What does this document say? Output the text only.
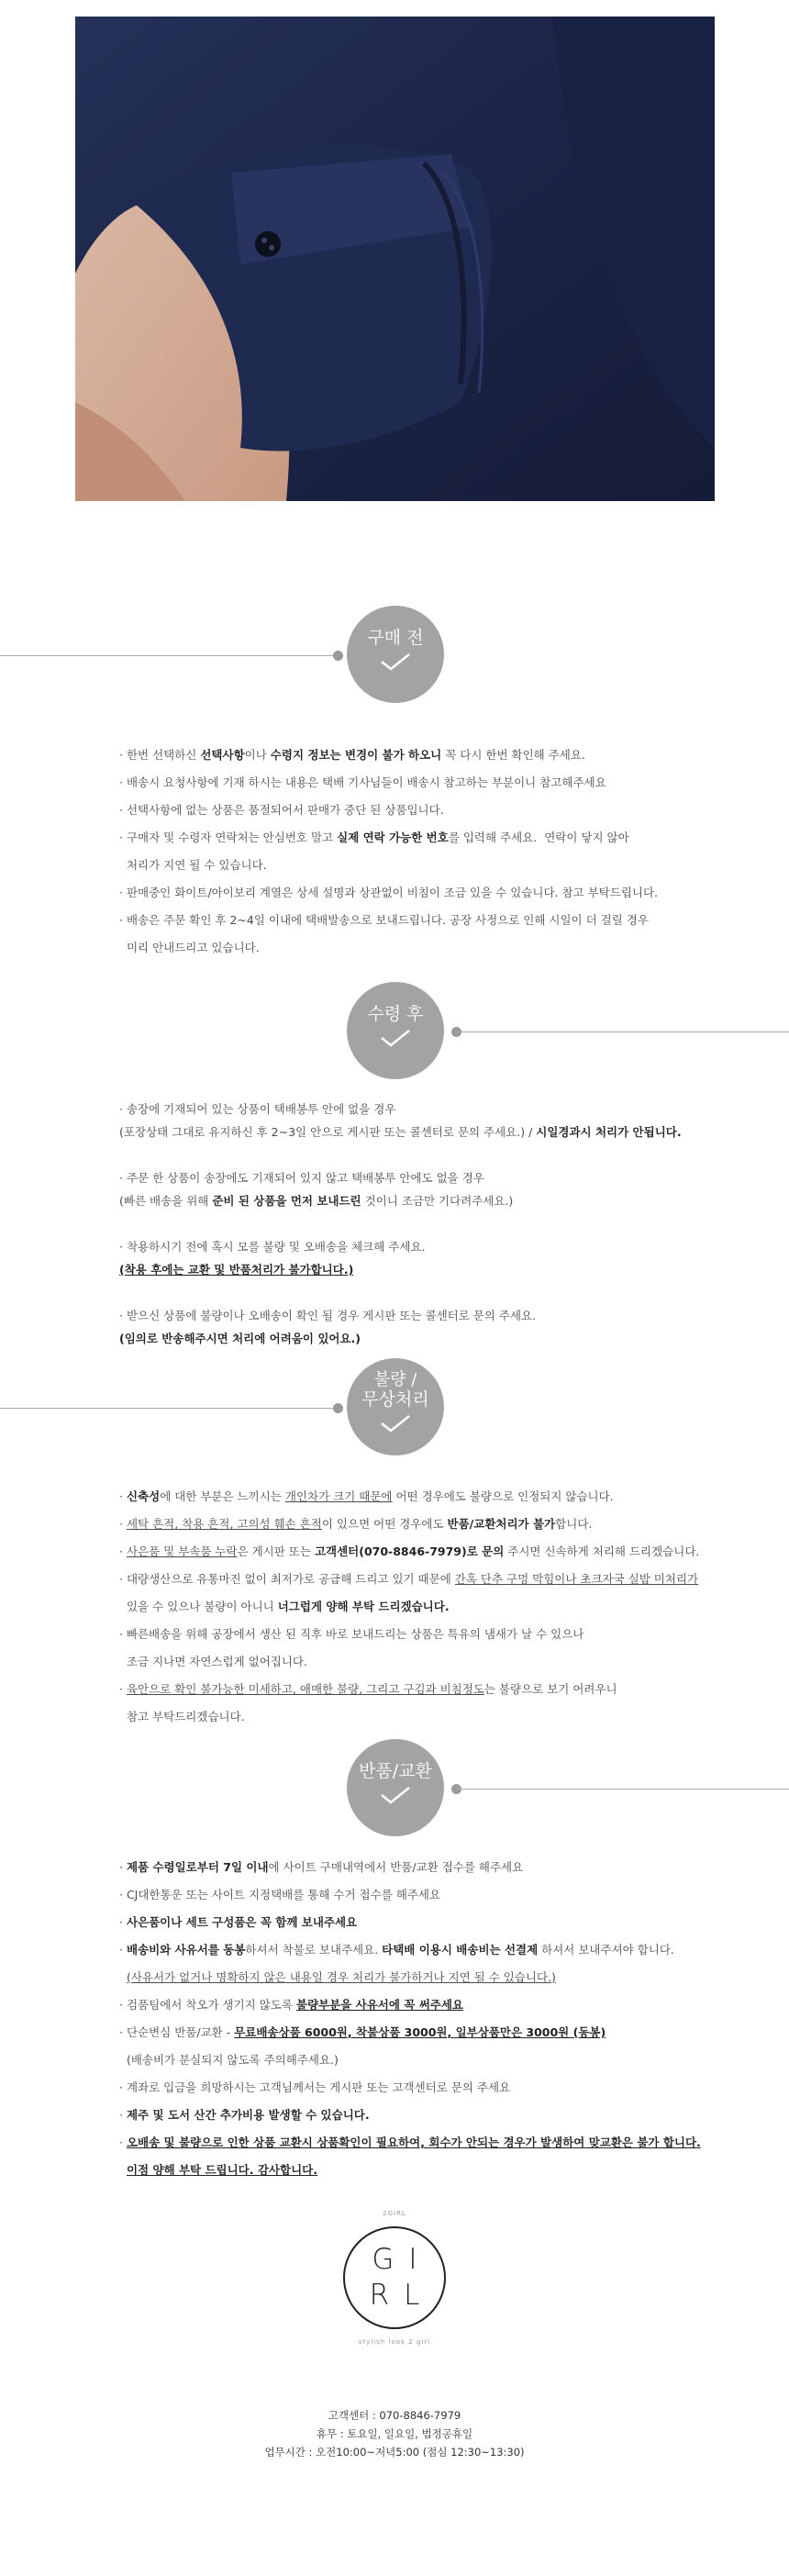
구매 전

· 한번 선택하신 선택사항이나 수령지 정보는 변경이 불가 하오니 꼭 다시 한번 확인해 주세요.

· 배송시 요청사항에 기재 하시는 내용은 택배 기사님들이 배송시 참고하는 부분이니 참고해주세요

· 선택사항에 없는 상품은 품절되어서 판매가 중단 된 상품입니다.

· 구매자 및 수령자 연락처는 안심번호 말고 실제 연락 가능한 번호를 입력해 주세요.  연락이 닿지 않아

처리가 지연 될 수 있습니다.

· 판매중인 화이트/아이보리 계열은 상세 설명과 상관없이 비침이 조금 있을 수 있습니다. 참고 부탁드립니다.

· 배송은 주문 확인 후 2~4일 이내에 택배발송으로 보내드립니다. 공장 사정으로 인해 시일이 더 걸릴 경우

미리 안내드리고 있습니다.

수령 후

· 송장에 기재되어 있는 상품이 택배봉투 안에 없을 경우

(포장상태 그대로 유지하신 후 2~3일 안으로 게시판 또는 콜센터로 문의 주세요.) / 시일경과시 처리가 안됩니다.

· 주문 한 상품이 송장에도 기재되어 있지 않고 택배봉투 안에도 없을 경우

(빠른 배송을 위해 준비 된 상품을 먼저 보내드린 것이니 조금만 기다려주세요.)

· 착용하시기 전에 혹시 모를 불량 및 오배송을 체크해 주세요.

(착용 후에는 교환 및 반품처리가 불가합니다.)

· 받으신 상품에 불량이나 오배송이 확인 될 경우 게시판 또는 콜센터로 문의 주세요.

(임의로 반송해주시면 처리에 어려움이 있어요.)

불량 /
무상처리

· 신축성에 대한 부분은 느끼시는 개인차가 크기 때문에 어떤 경우에도 불량으로 인정되지 않습니다.

· 세탁 흔적, 착용 흔적, 고의성 훼손 흔적이 있으면 어떤 경우에도 반품/교환처리가 불가합니다.

· 사은품 및 부속품 누락은 게시판 또는 고객센터(070-8846-7979)로 문의 주시면 신속하게 처리해 드리겠습니다.

· 대량생산으로 유통마진 없이 최저가로 공급해 드리고 있기 때문에 간혹 단추 구멍 막힘이나 초크자국 실밥 미처리가

있을 수 있으나 불량이 아니니 너그럽게 양해 부탁 드리겠습니다.

· 빠른배송을 위해 공장에서 생산 된 직후 바로 보내드리는 상품은 특유의 냄새가 날 수 있으나

조금 지나면 자연스럽게 없어집니다.

· 육안으로 확인 불가능한 미세하고, 애매한 불량, 그리고 구김과 비침정도는 불량으로 보기 어려우니

참고 부탁드리겠습니다.

반품/교환

· 제품 수령일로부터 7일 이내에 사이트 구매내역에서 반품/교환 접수를 해주세요

· CJ대한통운 또는 사이트 지정택배를 통해 수거 접수를 해주세요

· 사은품이나 세트 구성품은 꼭 함께 보내주세요

· 배송비와 사유서를 동봉하셔서 착불로 보내주세요. 타택배 이용시 배송비는 선결제 하셔서 보내주셔야 합니다.

(사유서가 없거나 명확하지 않은 내용일 경우 처리가 불가하거나 지연 될 수 있습니다.)

· 검품팀에서 착오가 생기지 않도록 불량부분을 사유서에 꼭 써주세요

· 단순변심 반품/교환 - 무료배송상품 6000원, 착불상품 3000원, 일부상품만은 3000원 (동봉)

(배송비가 분실되지 않도록 주의해주세요.)

· 계좌로 입금을 희망하시는 고객님께서는 게시판 또는 고객센터로 문의 주세요

· 제주 및 도서 산간 추가비용 발생할 수 있습니다.

· 오배송 및 불량으로 인한 상품 교환시 상품확인이 필요하여, 회수가 안되는 경우가 발생하여 맞교환은 불가 합니다.

이점 양해 부탁 드립니다. 감사합니다.

2GIRL
GI
RL
stylish look 2 girl

고객센터 : 070-8846-7979

휴무 : 토요일, 일요일, 법정공휴일

업무시간 : 오전10:00~저녁5:00 (점심 12:30~13:30)
